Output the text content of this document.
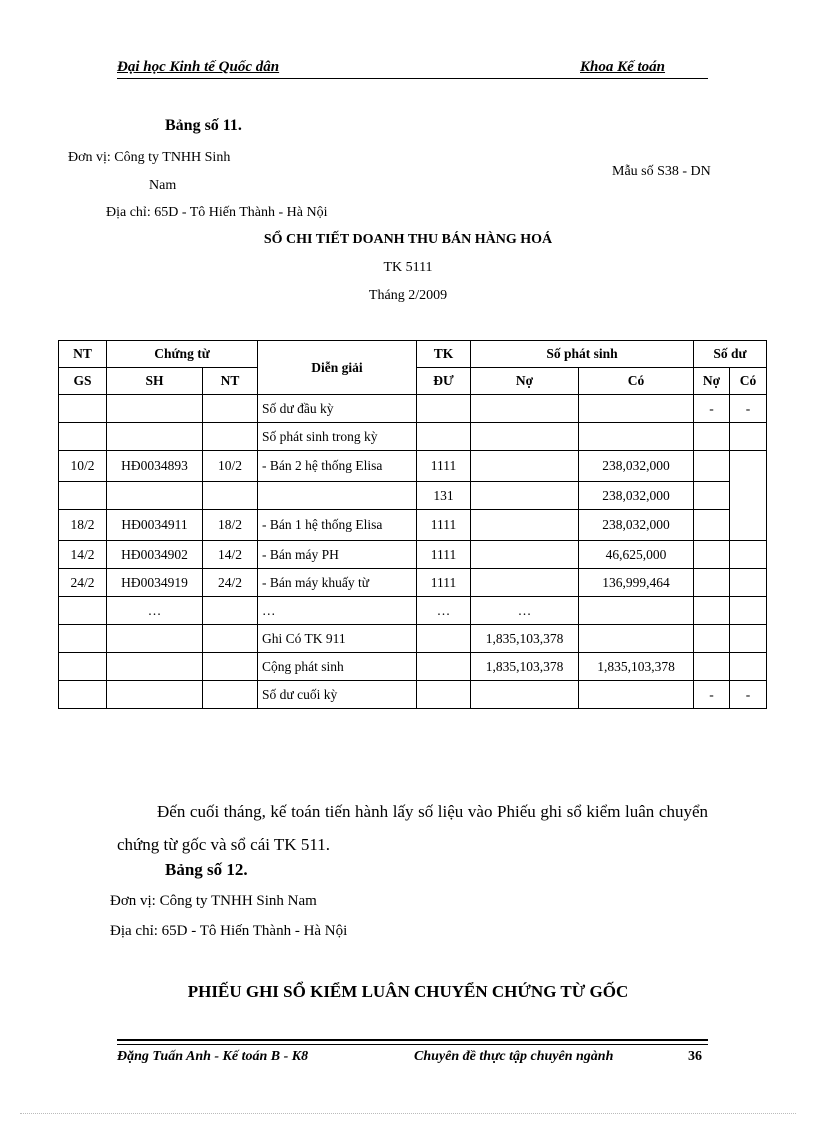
Đại học Kinh tế Quốc dân	Khoa Kế toán
Bảng số 11.
Đơn vị: Công ty TNHH Sinh
Nam
Mẫu số S38 - DN
Địa chỉ: 65D - Tô Hiến Thành - Hà Nội
SỔ CHI TIẾT DOANH THU BÁN HÀNG HOÁ
TK 5111
Tháng 2/2009
NT	Chứng từ		Diễn giải	TK	Số phát sinh		Số dư	
GS	SH	NT		ĐƯ	Nợ	Có	Nợ	Có
			Số dư đầu kỳ				-	-
			Số phát sinh trong kỳ					
10/2	HĐ0034893	10/2	- Bán 2 hệ thống Elisa	1111		238,032,000		
				131		238,032,000		
18/2	HĐ0034911	18/2	- Bán 1 hệ thống Elisa	1111		238,032,000		
14/2	HĐ0034902	14/2	- Bán máy PH	1111		46,625,000		
24/2	HĐ0034919	24/2	- Bán máy khuấy từ	1111		136,999,464		
	…		…	…	…			
			Ghi Có TK 911		1,835,103,378			
			Cộng phát sinh		1,835,103,378	1,835,103,378		
			Số dư cuối kỳ				-	-
Đến cuối tháng, kế toán tiến hành lấy số liệu vào Phiếu ghi sổ kiểm luân chuyển chứng từ gốc và sổ cái TK 511.
Bảng số 12.
Đơn vị: Công ty TNHH Sinh Nam
Địa chỉ: 65D - Tô Hiến Thành - Hà Nội
PHIẾU GHI SỔ KIỂM LUÂN CHUYỂN CHỨNG TỪ GỐC
Đặng Tuấn Anh - Kế toán B - K8	Chuyên đề thực tập chuyên ngành	36
